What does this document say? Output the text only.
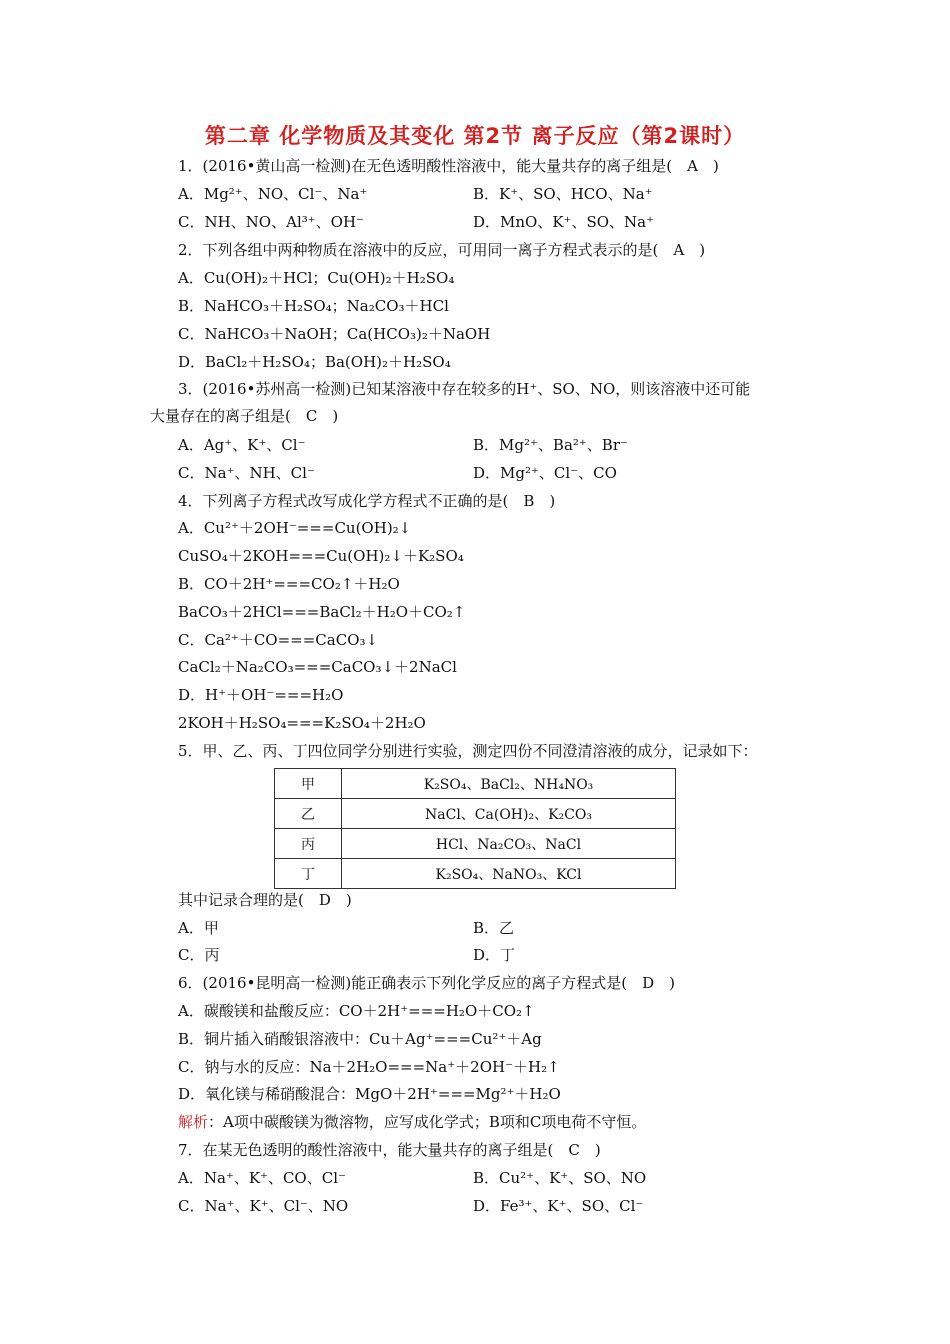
第二章 化学物质及其变化 第2节 离子反应（第2课时）
1．(2016•黄山高一检测)在无色透明酸性溶液中，能大量共存的离子组是(　A　)
A．Mg²⁺、NO、Cl⁻、Na⁺	B．K⁺、SO、HCO、Na⁺
C．NH、NO、Al³⁺、OH⁻	D．MnO、K⁺、SO、Na⁺
2．下列各组中两种物质在溶液中的反应，可用同一离子方程式表示的是(　A　)
A．Cu(OH)₂＋HCl；Cu(OH)₂＋H₂SO₄
B．NaHCO₃＋H₂SO₄；Na₂CO₃＋HCl
C．NaHCO₃＋NaOH；Ca(HCO₃)₂＋NaOH
D．BaCl₂＋H₂SO₄；Ba(OH)₂＋H₂SO₄
3．(2016•苏州高一检测)已知某溶液中存在较多的H⁺、SO、NO，则该溶液中还可能
大量存在的离子组是(　C　)
A．Ag⁺、K⁺、Cl⁻	B．Mg²⁺、Ba²⁺、Br⁻
C．Na⁺、NH、Cl⁻	D．Mg²⁺、Cl⁻、CO
4．下列离子方程式改写成化学方程式不正确的是(　B　)
A．Cu²⁺＋2OH⁻===Cu(OH)₂↓
CuSO₄＋2KOH===Cu(OH)₂↓＋K₂SO₄
B．CO＋2H⁺===CO₂↑＋H₂O
BaCO₃＋2HCl===BaCl₂＋H₂O＋CO₂↑
C．Ca²⁺＋CO===CaCO₃↓
CaCl₂＋Na₂CO₃===CaCO₃↓＋2NaCl
D．H⁺＋OH⁻===H₂O
2KOH＋H₂SO₄===K₂SO₄＋2H₂O
5．甲、乙、丙、丁四位同学分别进行实验，测定四份不同澄清溶液的成分，记录如下：
甲	K₂SO₄、BaCl₂、NH₄NO₃
乙	NaCl、Ca(OH)₂、K₂CO₃
丙	HCl、Na₂CO₃、NaCl
丁	K₂SO₄、NaNO₃、KCl
其中记录合理的是(　D　)
A．甲	B．乙
C．丙	D．丁
6．(2016•昆明高一检测)能正确表示下列化学反应的离子方程式是(　D　)
A．碳酸镁和盐酸反应：CO＋2H⁺===H₂O＋CO₂↑
B．铜片插入硝酸银溶液中：Cu＋Ag⁺===Cu²⁺＋Ag
C．钠与水的反应：Na＋2H₂O===Na⁺＋2OH⁻＋H₂↑
D．氧化镁与稀硝酸混合：MgO＋2H⁺===Mg²⁺＋H₂O
解析：A项中碳酸镁为微溶物，应写成化学式；B项和C项电荷不守恒。
7．在某无色透明的酸性溶液中，能大量共存的离子组是(　C　)
A．Na⁺、K⁺、CO、Cl⁻	B．Cu²⁺、K⁺、SO、NO
C．Na⁺、K⁺、Cl⁻、NO	D．Fe³⁺、K⁺、SO、Cl⁻
